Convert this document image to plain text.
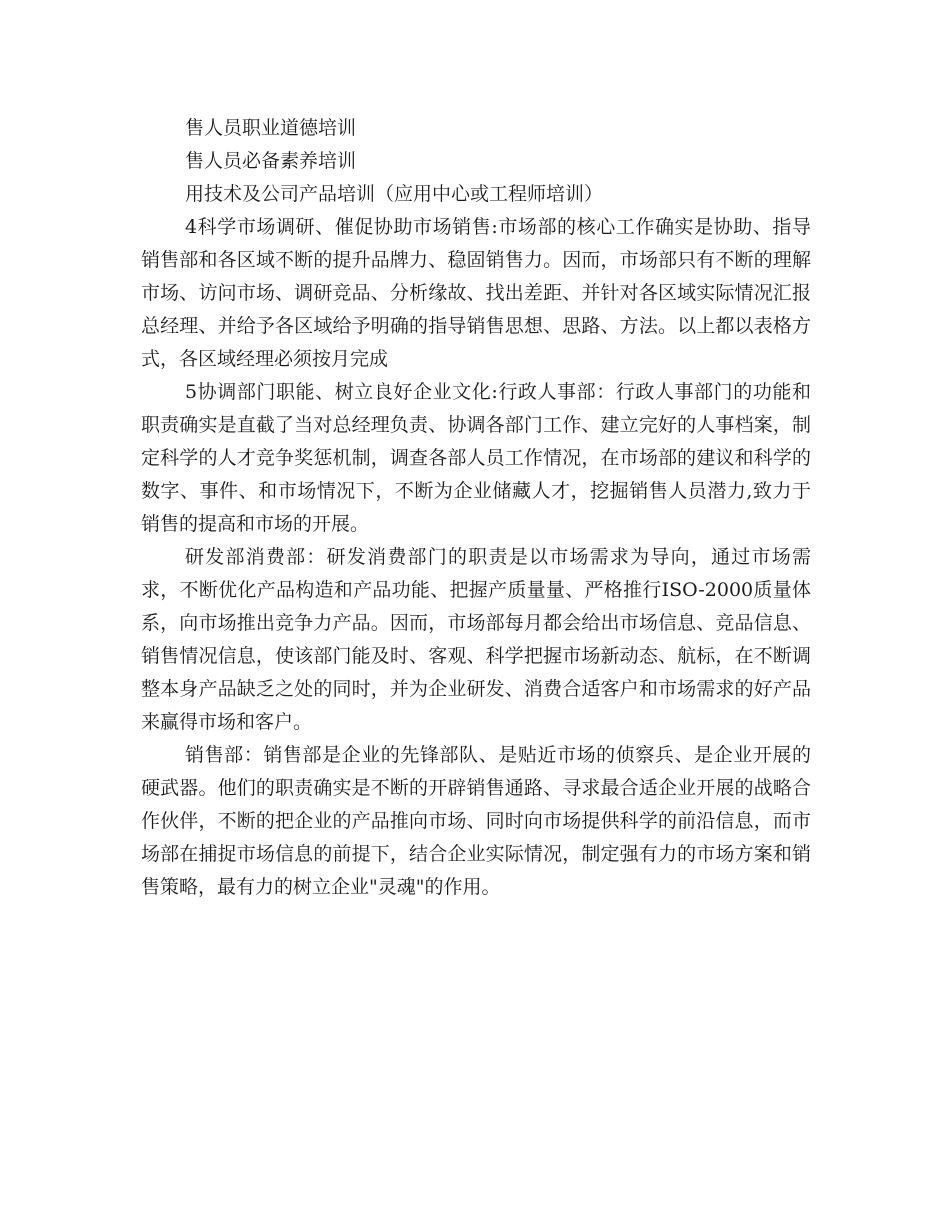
售人员职业道德培训

售人员必备素养培训

用技术及公司产品培训（应用中心或工程师培训）

4科学市场调研、催促协助市场销售:市场部的核心工作确实是协助、指导销售部和各区域不断的提升品牌力、稳固销售力。因而，市场部只有不断的理解市场、访问市场、调研竞品、分析缘故、找出差距、并针对各区域实际情况汇报总经理、并给予各区域给予明确的指导销售思想、思路、方法。以上都以表格方式，各区域经理必须按月完成

5协调部门职能、树立良好企业文化:行政人事部：行政人事部门的功能和职责确实是直截了当对总经理负责、协调各部门工作、建立完好的人事档案，制定科学的人才竞争奖惩机制，调查各部人员工作情况，在市场部的建议和科学的数字、事件、和市场情况下，不断为企业储藏人才，挖掘销售人员潜力,致力于销售的提高和市场的开展。

研发部消费部：研发消费部门的职责是以市场需求为导向，通过市场需求，不断优化产品构造和产品功能、把握产质量量、严格推行ISO-2000质量体系，向市场推出竞争力产品。因而，市场部每月都会给出市场信息、竞品信息、销售情况信息，使该部门能及时、客观、科学把握市场新动态、航标，在不断调整本身产品缺乏之处的同时，并为企业研发、消费合适客户和市场需求的好产品来赢得市场和客户。

销售部：销售部是企业的先锋部队、是贴近市场的侦察兵、是企业开展的硬武器。他们的职责确实是不断的开辟销售通路、寻求最合适企业开展的战略合作伙伴，不断的把企业的产品推向市场、同时向市场提供科学的前沿信息，而市场部在捕捉市场信息的前提下，结合企业实际情况，制定强有力的市场方案和销售策略，最有力的树立企业"灵魂"的作用。
